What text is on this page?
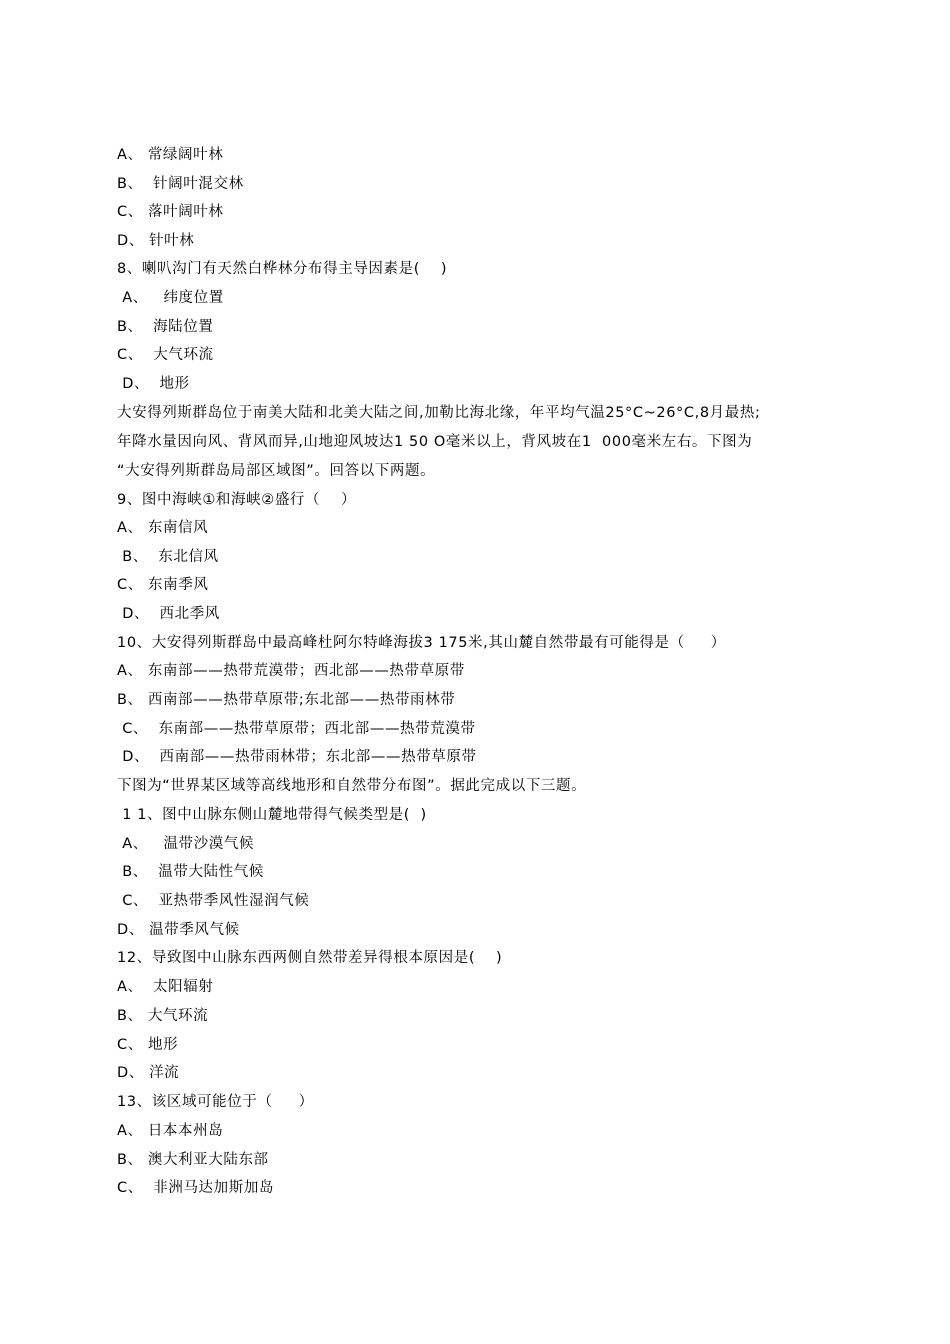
A、 常绿阔叶林
B、  针阔叶混交林
C、 落叶阔叶林
D、 针叶林
8、喇叭沟门有天然白桦林分布得主导因素是(    )
A、   纬度位置
B、  海陆位置
C、  大气环流
D、  地形
大安得列斯群岛位于南美大陆和北美大陆之间,加勒比海北缘，年平均气温25°C~26°C,8月最热;
年降水量因向风、背风而异,山地迎风坡达1 50 O毫米以上，背风坡在1  000毫米左右。下图为
“大安得列斯群岛局部区域图”。回答以下两题。
9、图中海峡①和海峡②盛行（    ）
A、 东南信风
B、  东北信风
C、 东南季风
D、  西北季风
10、大安得列斯群岛中最高峰杜阿尔特峰海拔3 175米,其山麓自然带最有可能得是（     ）
A、 东南部——热带荒漠带；西北部——热带草原带
B、 西南部——热带草原带;东北部——热带雨林带
C、  东南部——热带草原带；西北部——热带荒漠带
D、  西南部——热带雨林带；东北部——热带草原带
下图为“世界某区域等高线地形和自然带分布图”。据此完成以下三题。
1 1、图中山脉东侧山麓地带得气候类型是(  )
A、   温带沙漠气候
B、  温带大陆性气候
C、  亚热带季风性湿润气候
D、 温带季风气候
12、导致图中山脉东西两侧自然带差异得根本原因是(    )
A、  太阳辐射
B、 大气环流
C、 地形
D、 洋流
13、该区域可能位于（     ）
A、 日本本州岛
B、 澳大利亚大陆东部
C、  非洲马达加斯加岛
